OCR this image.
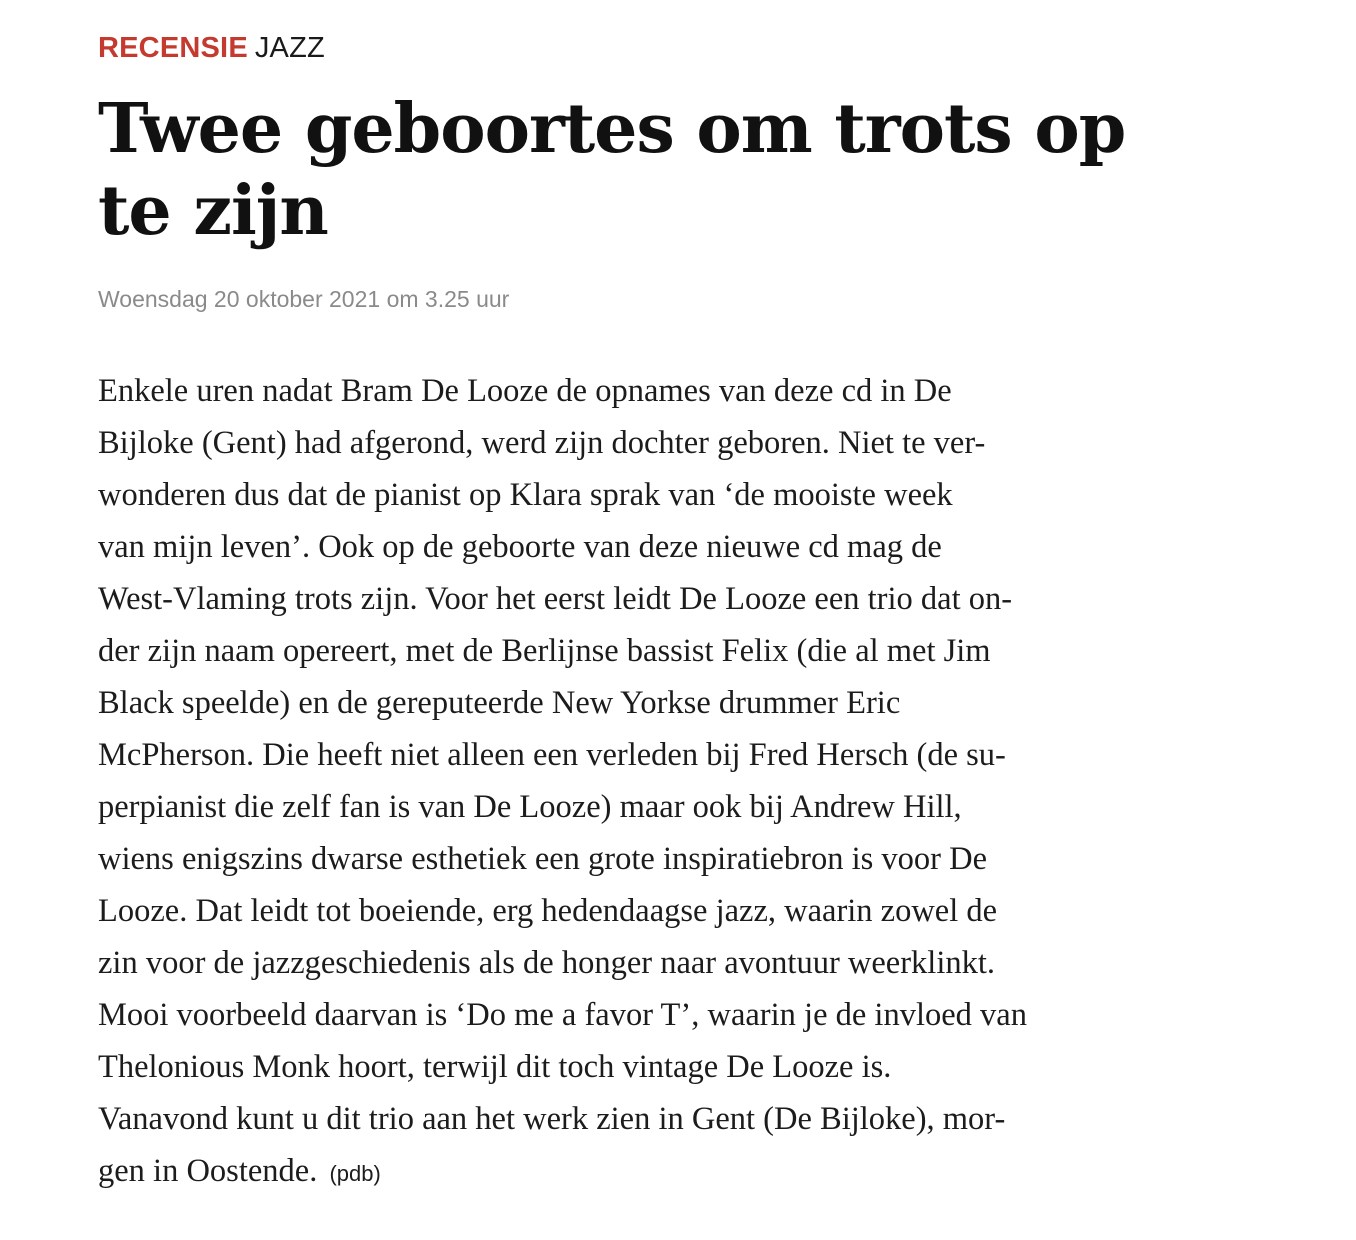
RECENSIE JAZZ
Twee geboortes om trots op te zijn
Woensdag 20 oktober 2021 om 3.25 uur
Enkele uren nadat Bram De Looze de opnames van deze cd in De
Bijloke (Gent) had afgerond, werd zijn dochter geboren. Niet te ver-
wonderen dus dat de pianist op Klara sprak van ‘de mooiste week
van mijn leven’. Ook op de geboorte van deze nieuwe cd mag de
West-Vlaming trots zijn. Voor het eerst leidt De Looze een trio dat on-
der zijn naam opereert, met de Berlijnse bassist Felix (die al met Jim
Black speelde) en de gereputeerde New Yorkse drummer Eric
McPherson. Die heeft niet alleen een verleden bij Fred Hersch (de su-
perpianist die zelf fan is van De Looze) maar ook bij Andrew Hill,
wiens enigszins dwarse esthetiek een grote inspiratiebron is voor De
Looze. Dat leidt tot boeiende, erg hedendaagse jazz, waarin zowel de
zin voor de jazzgeschiedenis als de honger naar avontuur weerklinkt.
Mooi voorbeeld daarvan is ‘Do me a favor T’, waarin je de invloed van
Thelonious Monk hoort, terwijl dit toch vintage De Looze is.
Vanavond kunt u dit trio aan het werk zien in Gent (De Bijloke), mor-
gen in Oostende. (pdb)
